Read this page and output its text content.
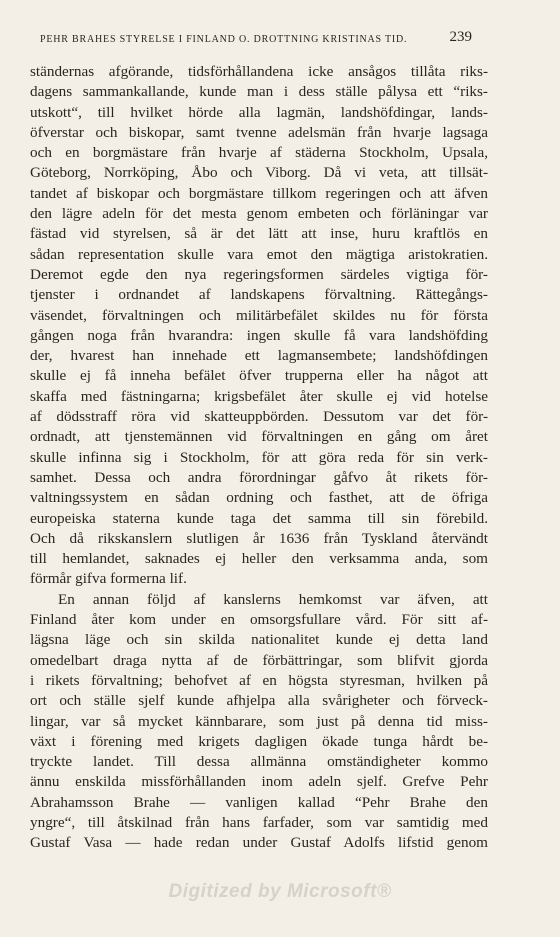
PEHR BRAHES STYRELSE I FINLAND O. DROTTNING KRISTINAS TID.	239
ständernas afgörande, tidsförhållandena icke ansågos tillåta riks-
dagens sammankallande, kunde man i dess ställe pålysa ett “riks-
utskott“, till hvilket hörde alla lagmän, landshöfdingar, lands-
öfverstar och biskopar, samt tvenne adelsmän från hvarje lagsaga
och en borgmästare från hvarje af städerna Stockholm, Upsala,
Göteborg, Norrköping, Åbo och Viborg. Då vi veta, att tillsät-
tandet af biskopar och borgmästare tillkom regeringen och att äfven
den lägre adeln för det mesta genom embeten och förläningar var
fästad vid styrelsen, så är det lätt att inse, huru kraftlös en
sådan representation skulle vara emot den mägtiga aristokratien.
Deremot egde den nya regeringsformen särdeles vigtiga för-
tjenster i ordnandet af landskapens förvaltning. Rättegångs-
väsendet, förvaltningen och militärbefälet skildes nu för första
gången noga från hvarandra: ingen skulle få vara landshöfding
der, hvarest han innehade ett lagmansembete; landshöfdingen
skulle ej få inneha befälet öfver trupperna eller ha något att
skaffa med fästningarna; krigsbefälet åter skulle ej vid hotelse
af dödsstraff röra vid skatteuppbörden. Dessutom var det för-
ordnadt, att tjenstemännen vid förvaltningen en gång om året
skulle infinna sig i Stockholm, för att göra reda för sin verk-
samhet. Dessa och andra förordningar gåfvo åt rikets för-
valtningssystem en sådan ordning och fasthet, att de öfriga
europeiska staterna kunde taga det samma till sin förebild.
Och då rikskanslern slutligen år 1636 från Tyskland återvändt
till hemlandet, saknades ej heller den verksamma anda, som
förmår gifva formerna lif.
En annan följd af kanslerns hemkomst var äfven, att
Finland åter kom under en omsorgsfullare vård. För sitt af-
lägsna läge och sin skilda nationalitet kunde ej detta land
omedelbart draga nytta af de förbättringar, som blifvit gjorda
i rikets förvaltning; behofvet af en högsta styresman, hvilken på
ort och ställe sjelf kunde afhjelpa alla svårigheter och förveck-
lingar, var så mycket kännbarare, som just på denna tid miss-
växt i förening med krigets dagligen ökade tunga hårdt be-
tryckte landet. Till dessa allmänna omständigheter kommo
ännu enskilda missförhållanden inom adeln sjelf. Grefve Pehr
Abrahamsson Brahe — vanligen kallad “Pehr Brahe den
yngre“, till åtskilnad från hans farfader, som var samtidig med
Gustaf Vasa — hade redan under Gustaf Adolfs lifstid genom
Digitized by Microsoft®
